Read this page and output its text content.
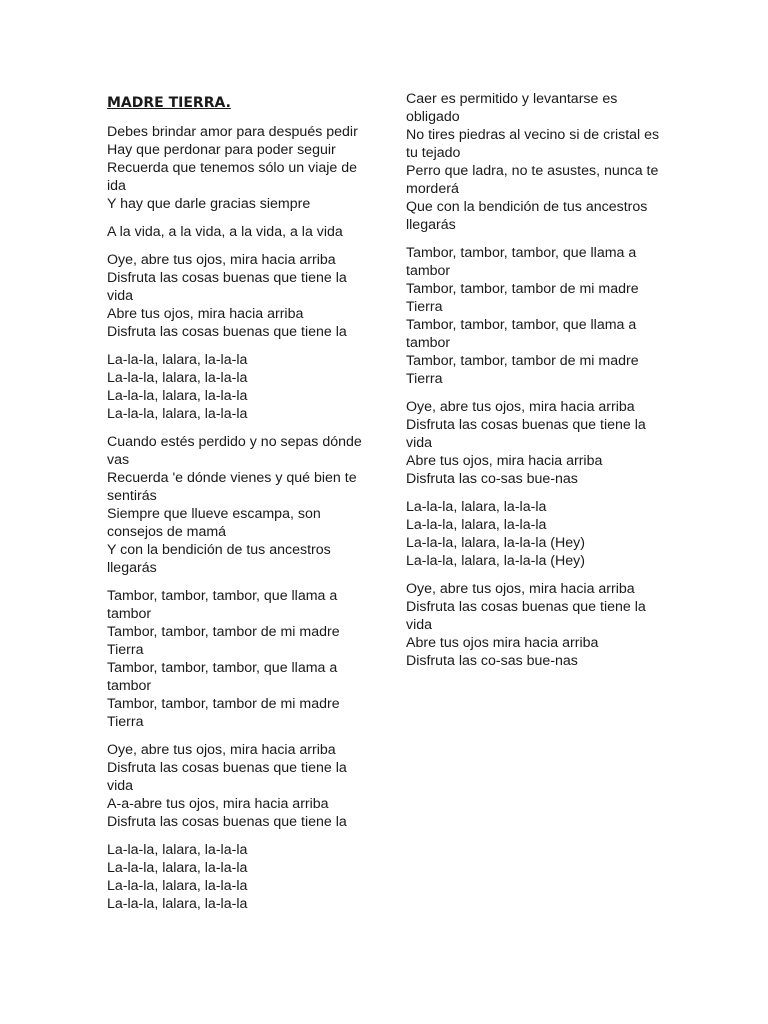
MADRE TIERRA.
Debes brindar amor para después pedir
Hay que perdonar para poder seguir
Recuerda que tenemos sólo un viaje de ida
Y hay que darle gracias siempre
A la vida, a la vida, a la vida, a la vida
Oye, abre tus ojos, mira hacia arriba
Disfruta las cosas buenas que tiene la vida
Abre tus ojos, mira hacia arriba
Disfruta las cosas buenas que tiene la
La-la-la, lalara, la-la-la
La-la-la, lalara, la-la-la
La-la-la, lalara, la-la-la
La-la-la, lalara, la-la-la
Cuando estés perdido y no sepas dónde vas
Recuerda 'e dónde vienes y qué bien te sentirás
Siempre que llueve escampa, son consejos de mamá
Y con la bendición de tus ancestros llegarás
Tambor, tambor, tambor, que llama a tambor
Tambor, tambor, tambor de mi madre Tierra
Tambor, tambor, tambor, que llama a tambor
Tambor, tambor, tambor de mi madre Tierra
Oye, abre tus ojos, mira hacia arriba
Disfruta las cosas buenas que tiene la vida
A-a-abre tus ojos, mira hacia arriba
Disfruta las cosas buenas que tiene la
La-la-la, lalara, la-la-la
La-la-la, lalara, la-la-la
La-la-la, lalara, la-la-la
La-la-la, lalara, la-la-la
Caer es permitido y levantarse es obligado
No tires piedras al vecino si de cristal es tu tejado
Perro que ladra, no te asustes, nunca te morderá
Que con la bendición de tus ancestros llegarás
Tambor, tambor, tambor, que llama a tambor
Tambor, tambor, tambor de mi madre Tierra
Tambor, tambor, tambor, que llama a tambor
Tambor, tambor, tambor de mi madre Tierra
Oye, abre tus ojos, mira hacia arriba
Disfruta las cosas buenas que tiene la vida
Abre tus ojos, mira hacia arriba
Disfruta las co-sas bue-nas
La-la-la, lalara, la-la-la
La-la-la, lalara, la-la-la
La-la-la, lalara, la-la-la (Hey)
La-la-la, lalara, la-la-la (Hey)
Oye, abre tus ojos, mira hacia arriba
Disfruta las cosas buenas que tiene la vida
Abre tus ojos mira hacia arriba
Disfruta las co-sas bue-nas
